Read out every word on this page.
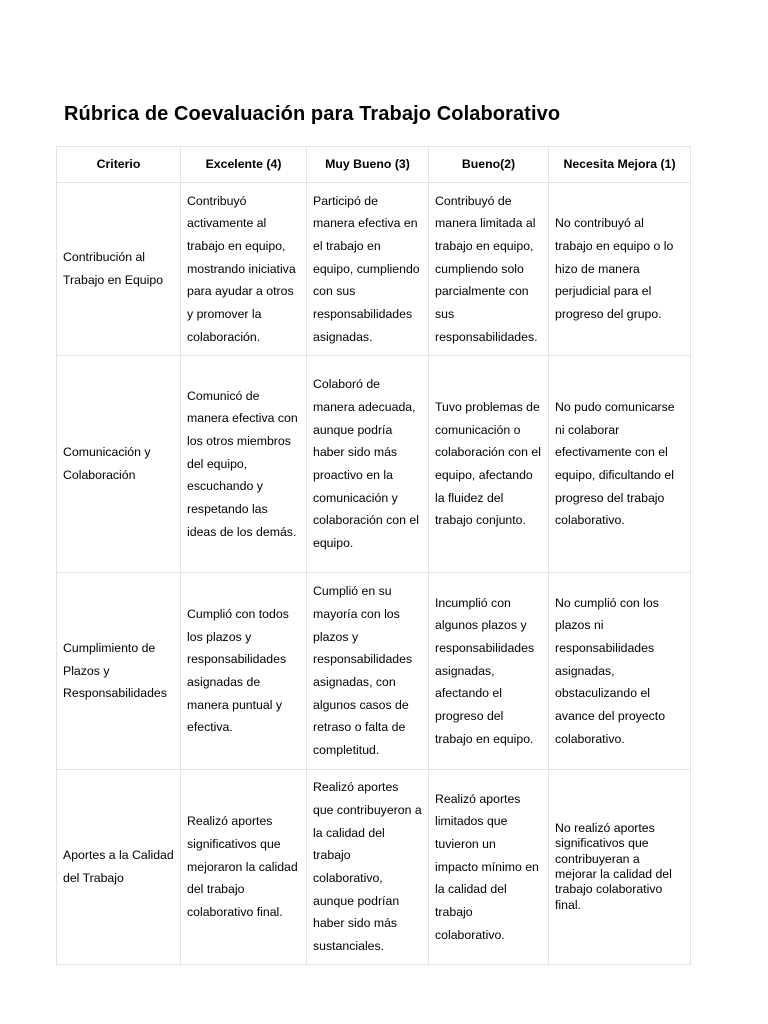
Rúbrica de Coevaluación para Trabajo Colaborativo
Criterio	Excelente (4)	Muy Bueno (3)	Bueno(2)	Necesita Mejora (1)
Contribución al Trabajo en Equipo	Contribuyó activamente al trabajo en equipo, mostrando iniciativa para ayudar a otros y promover la colaboración.	Participó de manera efectiva en el trabajo en equipo, cumpliendo con sus responsabilidades asignadas.	Contribuyó de manera limitada al trabajo en equipo, cumpliendo solo parcialmente con sus responsabilidades.	No contribuyó al trabajo en equipo o lo hizo de manera perjudicial para el progreso del grupo.
Comunicación y Colaboración	Comunicó de manera efectiva con los otros miembros del equipo, escuchando y respetando las ideas de los demás.	Colaboró de manera adecuada, aunque podría haber sido más proactivo en la comunicación y colaboración con el equipo.	Tuvo problemas de comunicación o colaboración con el equipo, afectando la fluidez del trabajo conjunto.	No pudo comunicarse ni colaborar efectivamente con el equipo, dificultando el progreso del trabajo colaborativo.
Cumplimiento de Plazos y Responsabilidades	Cumplió con todos los plazos y responsabilidades asignadas de manera puntual y efectiva.	Cumplió en su mayoría con los plazos y responsabilidades asignadas, con algunos casos de retraso o falta de completitud.	Incumplió con algunos plazos y responsabilidades asignadas, afectando el progreso del trabajo en equipo.	No cumplió con los plazos ni responsabilidades asignadas, obstaculizando el avance del proyecto colaborativo.
Aportes a la Calidad del Trabajo	Realizó aportes significativos que mejoraron la calidad del trabajo colaborativo final.	Realizó aportes que contribuyeron a la calidad del trabajo colaborativo, aunque podrían haber sido más sustanciales.	Realizó aportes limitados que tuvieron un impacto mínimo en la calidad del trabajo colaborativo.	No realizó aportes significativos que contribuyeran a mejorar la calidad del trabajo colaborativo final.
